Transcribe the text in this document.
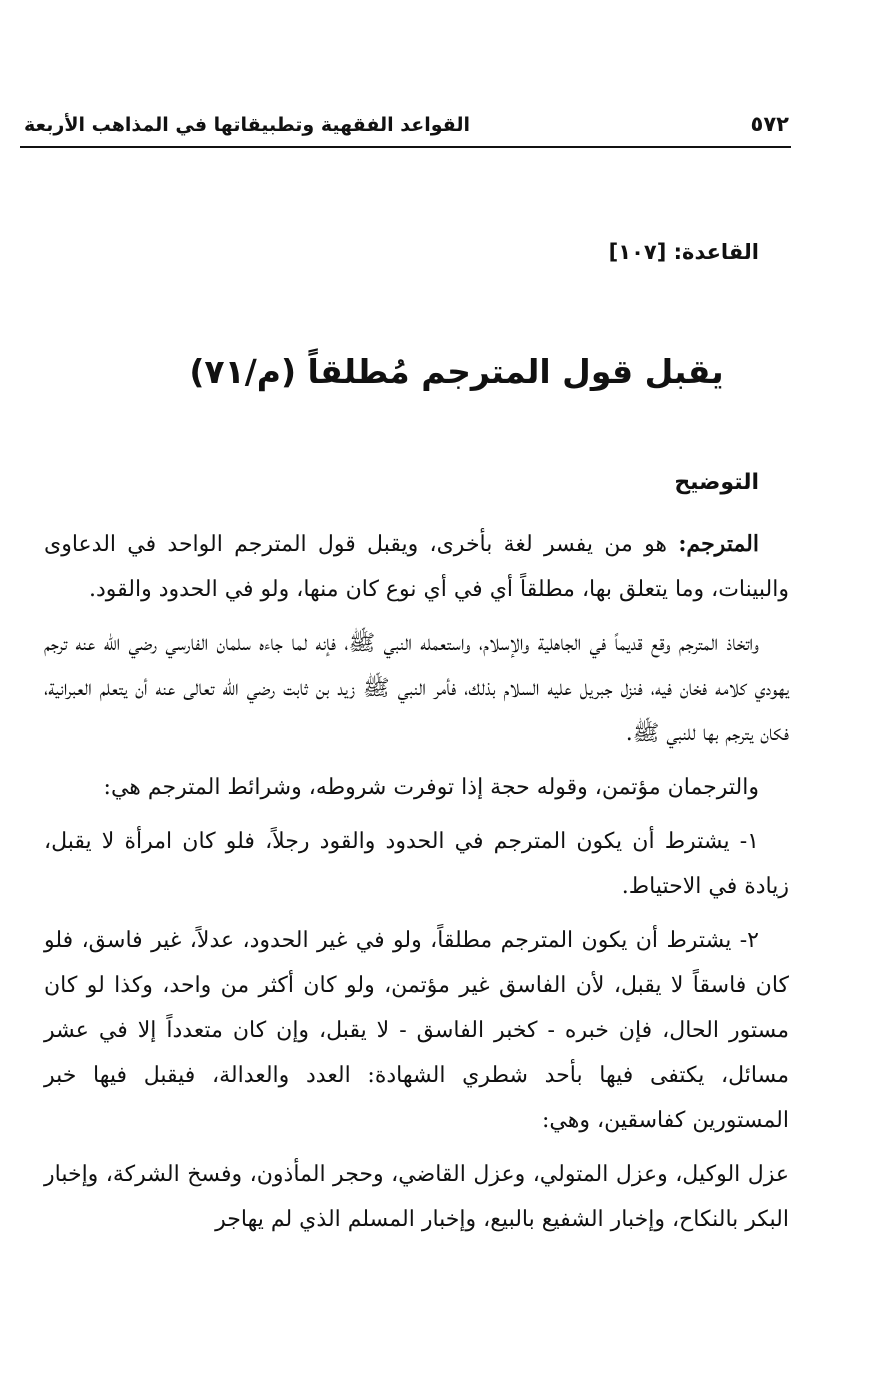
٥٧٢
القواعد الفقهية وتطبيقاتها في المذاهب الأربعة
القاعدة: [١٠٧]
يقبل قول المترجم مُطلقاً (م/٧١)
التوضيح

المترجم: هو من يفسر لغة بأخرى، ويقبل قول المترجم الواحد في الدعاوى والبينات، وما يتعلق بها، مطلقاً أي في أي نوع كان منها، ولو في الحدود والقود.

واتخاذ المترجم وقع قديماً في الجاهلية والإسلام، واستعمله النبي ﷺ، فإنه لما جاءه سلمان الفارسي رضي الله عنه ترجم يهودي كلامه فخان فيه، فنزل جبريل عليه السلام بذلك، فأمر النبي ﷺ زيد بن ثابت رضي الله تعالى عنه أن يتعلم العبرانية، فكان يترجم بها للنبي ﷺ.

والترجمان مؤتمن، وقوله حجة إذا توفرت شروطه، وشرائط المترجم هي:

١- يشترط أن يكون المترجم في الحدود والقود رجلاً، فلو كان امرأة لا يقبل، زيادة في الاحتياط.

٢- يشترط أن يكون المترجم مطلقاً، ولو في غير الحدود، عدلاً، غير فاسق، فلو كان فاسقاً لا يقبل، لأن الفاسق غير مؤتمن، ولو كان أكثر من واحد، وكذا لو كان مستور الحال، فإن خبره - كخبر الفاسق - لا يقبل، وإن كان متعدداً إلا في عشر مسائل، يكتفى فيها بأحد شطري الشهادة: العدد والعدالة، فيقبل فيها خبر المستورين كفاسقين، وهي:

عزل الوكيل، وعزل المتولي، وعزل القاضي، وحجر المأذون، وفسخ الشركة، وإخبار البكر بالنكاح، وإخبار الشفيع بالبيع، وإخبار المسلم الذي لم يهاجر
